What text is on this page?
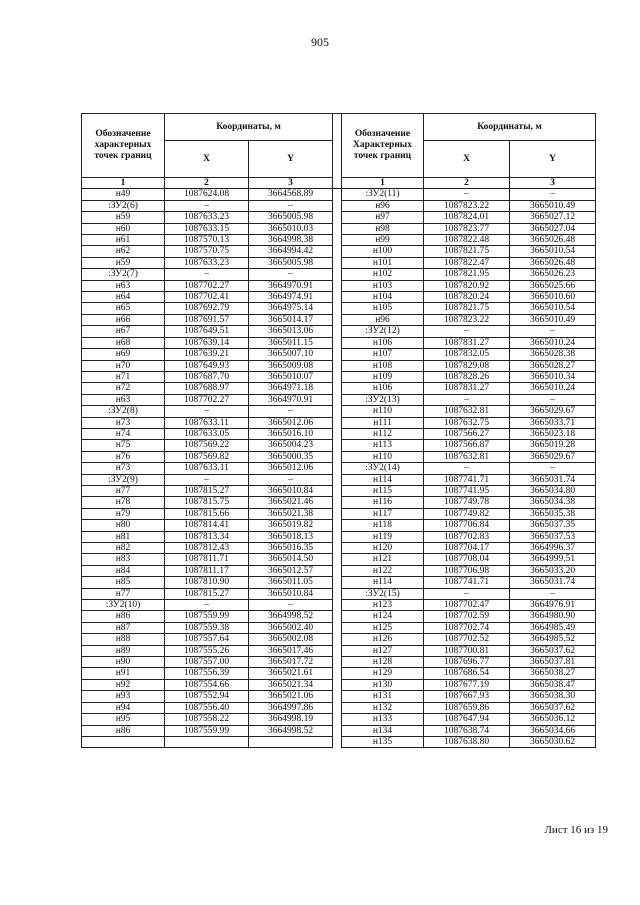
905
Обозначение характерных точек границ	Координаты, м			Обозначение Характерных точек границ	Координаты, м	
	X	Y			X	Y
1	2	3		1	2	3
н49	1087624.08	3664568.89		:ЗУ2(11)	–	–
:ЗУ2(6)	–	–		н96	1087823.22	3665010.49
н59	1087633.23	3665005.98		н97	1087824.01	3665027.12
н60	1087633.15	3665010.03		н98	1087823.77	3665027.04
н61	1087570.13	3664998.38		н99	1087822.48	3665026.48
н62	1087570.75	3664994.42		н100	1087821.75	3665010.54
н59	1087633.23	3665005.98		н101	1087822.47	3665026.48
:ЗУ2(7)	–	–		н102	1087821.95	3665026.23
н63	1087702.27	3664970.91		н103	1087820.92	3665025.66
н64	1087702.41	3664974.91		н104	1087820.24	3665010.60
н65	1087692.79	3664975.14		н105	1087821.75	3665010.54
н66	1087691.57	3665014.17		н96	1087823.22	3665010.49
н67	1087649.51	3665013.06		:ЗУ2(12)	–	–
н68	1087639.14	3665011.15		н106	1087831.27	3665010.24
н69	1087639.21	3665007.10		н107	1087832.05	3665028.38
н70	1087649.93	3665009.08		н108	1087829.08	3665028.27
н71	1087687.70	3665010.07		н109	1087828.26	3665010.34
н72	1087688.97	3664971.18		н106	1087831.27	3665010.24
н63	1087702.27	3664970.91		:ЗУ2(13)	–	–
:ЗУ2(8)	–	–		н110	1087632.81	3665029.67
н73	1087633.11	3665012.06		н111	1087632.75	3665033.71
н74	1087633.05	3665016.10		н112	1087566.27	3665023.18
н75	1087569.22	3665004.23		н113	1087566.87	3665019.28
н76	1087569.82	3665000.35		н110	1087632.81	3665029.67
н73	1087633.11	3665012.06		:ЗУ2(14)	–	–
:ЗУ2(9)	–	–		н114	1087741.71	3665031.74
н77	1087815.27	3665010.84		н115	1087741.95	3665034.80
н78	1087815.75	3665021.46		н116	1087749.78	3665034.38
н79	1087815.66	3665021.38		н117	1087749.82	3665035.38
н80	1087814.41	3665019.82		н118	1087706.84	3665037.35
н81	1087813.34	3665018.13		н119	1087702.83	3665037.53
н82	1087812.43	3665016.35		н120	1087704.17	3664996.37
н83	1087811.71	3665014.50		н121	1087708.04	3664999.51
н84	1087811.17	3665012.57		н122	1087706.98	3665033.20
н85	1087810.90	3665011.05		н114	1087741.71	3665031.74
н77	1087815.27	3665010.84		:ЗУ2(15)	–	–
:ЗУ2(10)	–	–		н123	1087702.47	3664976.91
н86	1087559.99	3664998.52		н124	1087702.59	3664980.90
н87	1087559.38	3665002.40		н125	1087702.74	3664985.49
н88	1087557.64	3665002.08		н126	1087702.52	3664985.52
н89	1087555.26	3665017.46		н127	1087700.81	3665037.62
н90	1087557.00	3665017.72		н128	1087696.77	3665037.81
н91	1087556.39	3665021.61		н129	1087686.54	3665038.27
н92	1087554.66	3665021.34		н130	1087677.19	3665038.47
н93	1087552.94	3665021.06		н131	1087667.93	3665038.30
н94	1087556.40	3664997.86		н132	1087659.86	3665037.62
н95	1087558.22	3664998.19		н133	1087647.94	3665036.12
н86	1087559.99	3664998.52		н134	1087638.74	3665034.66
				н135	1087638.80	3665030.62
Лист 16 из 19
